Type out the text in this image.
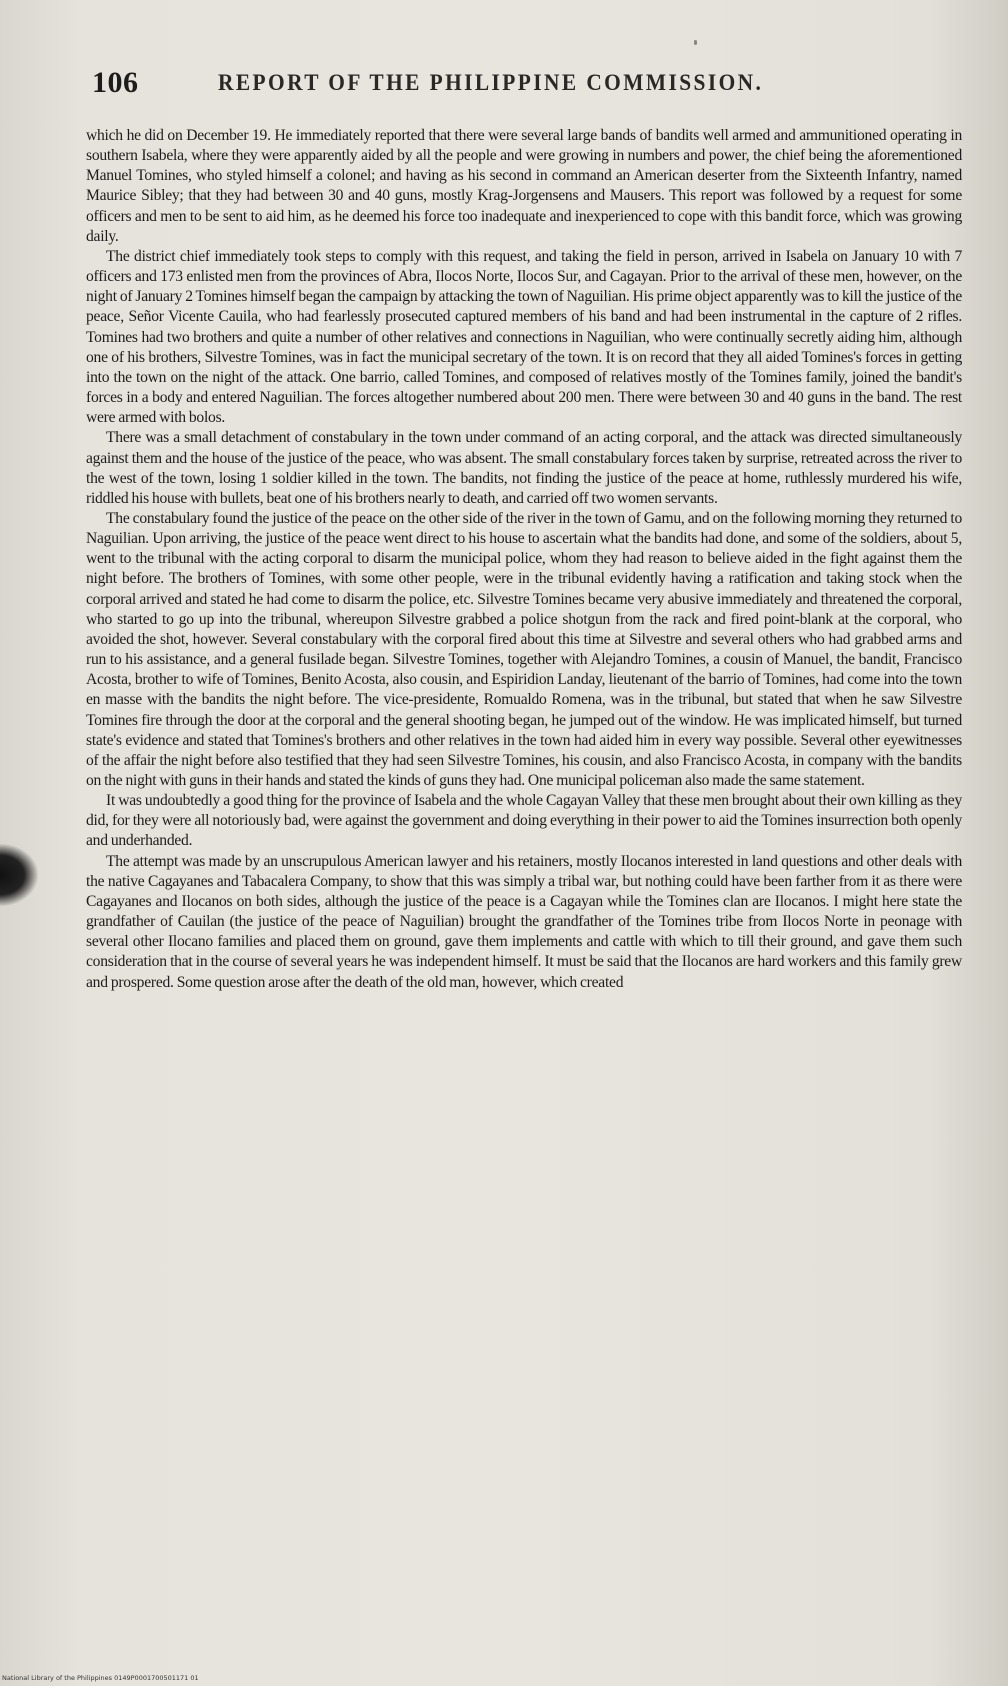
106	REPORT OF THE PHILIPPINE COMMISSION.

which he did on December 19. He immediately reported that there were several large bands of bandits well armed and ammunitioned operating in southern Isabela, where they were apparently aided by all the people and were growing in numbers and power, the chief being the aforementioned Manuel Tomines, who styled himself a colonel; and having as his second in command an American deserter from the Sixteenth Infantry, named Maurice Sibley; that they had between 30 and 40 guns, mostly Krag-Jorgensens and Mausers. This report was followed by a request for some officers and men to be sent to aid him, as he deemed his force too inadequate and inexperienced to cope with this bandit force, which was growing daily.

The district chief immediately took steps to comply with this request, and taking the field in person, arrived in Isabela on January 10 with 7 officers and 173 enlisted men from the provinces of Abra, Ilocos Norte, Ilocos Sur, and Cagayan. Prior to the arrival of these men, however, on the night of January 2 Tomines himself began the campaign by attacking the town of Naguilian. His prime object apparently was to kill the justice of the peace, Señor Vicente Cauila, who had fearlessly prosecuted captured members of his band and had been instrumental in the capture of 2 rifles. Tomines had two brothers and quite a number of other relatives and connections in Naguilian, who were continually secretly aiding him, although one of his brothers, Silvestre Tomines, was in fact the municipal secretary of the town. It is on record that they all aided Tomines's forces in getting into the town on the night of the attack. One barrio, called Tomines, and composed of relatives mostly of the Tomines family, joined the bandit's forces in a body and entered Naguilian. The forces altogether numbered about 200 men. There were between 30 and 40 guns in the band. The rest were armed with bolos.

There was a small detachment of constabulary in the town under command of an acting corporal, and the attack was directed simultaneously against them and the house of the justice of the peace, who was absent. The small constabulary forces taken by surprise, retreated across the river to the west of the town, losing 1 soldier killed in the town. The bandits, not finding the justice of the peace at home, ruthlessly murdered his wife, riddled his house with bullets, beat one of his brothers nearly to death, and carried off two women servants.

The constabulary found the justice of the peace on the other side of the river in the town of Gamu, and on the following morning they returned to Naguilian. Upon arriving, the justice of the peace went direct to his house to ascertain what the bandits had done, and some of the soldiers, about 5, went to the tribunal with the acting corporal to disarm the municipal police, whom they had reason to believe aided in the fight against them the night before. The brothers of Tomines, with some other people, were in the tribunal evidently having a ratification and taking stock when the corporal arrived and stated he had come to disarm the police, etc. Silvestre Tomines became very abusive immediately and threatened the corporal, who started to go up into the tribunal, whereupon Silvestre grabbed a police shotgun from the rack and fired point-blank at the corporal, who avoided the shot, however. Several constabulary with the corporal fired about this time at Silvestre and several others who had grabbed arms and run to his assistance, and a general fusilade began. Silvestre Tomines, together with Alejandro Tomines, a cousin of Manuel, the bandit, Francisco Acosta, brother to wife of Tomines, Benito Acosta, also cousin, and Espiridion Landay, lieutenant of the barrio of Tomines, had come into the town en masse with the bandits the night before. The vice-presidente, Romualdo Romena, was in the tribunal, but stated that when he saw Silvestre Tomines fire through the door at the corporal and the general shooting began, he jumped out of the window. He was implicated himself, but turned state's evidence and stated that Tomines's brothers and other relatives in the town had aided him in every way possible. Several other eyewitnesses of the affair the night before also testified that they had seen Silvestre Tomines, his cousin, and also Francisco Acosta, in company with the bandits on the night with guns in their hands and stated the kinds of guns they had. One municipal policeman also made the same statement.

It was undoubtedly a good thing for the province of Isabela and the whole Cagayan Valley that these men brought about their own killing as they did, for they were all notoriously bad, were against the government and doing everything in their power to aid the Tomines insurrection both openly and underhanded.

The attempt was made by an unscrupulous American lawyer and his retainers, mostly Ilocanos interested in land questions and other deals with the native Cagayanes and Tabacalera Company, to show that this was simply a tribal war, but nothing could have been farther from it as there were Cagayanes and Ilocanos on both sides, although the justice of the peace is a Cagayan while the Tomines clan are Ilocanos. I might here state the grandfather of Cauilan (the justice of the peace of Naguilian) brought the grandfather of the Tomines tribe from Ilocos Norte in peonage with several other Ilocano families and placed them on ground, gave them implements and cattle with which to till their ground, and gave them such consideration that in the course of several years he was independent himself. It must be said that the Ilocanos are hard workers and this family grew and prospered. Some question arose after the death of the old man, however, which created

National Library of the Philippines 0149P0001700501171 01
